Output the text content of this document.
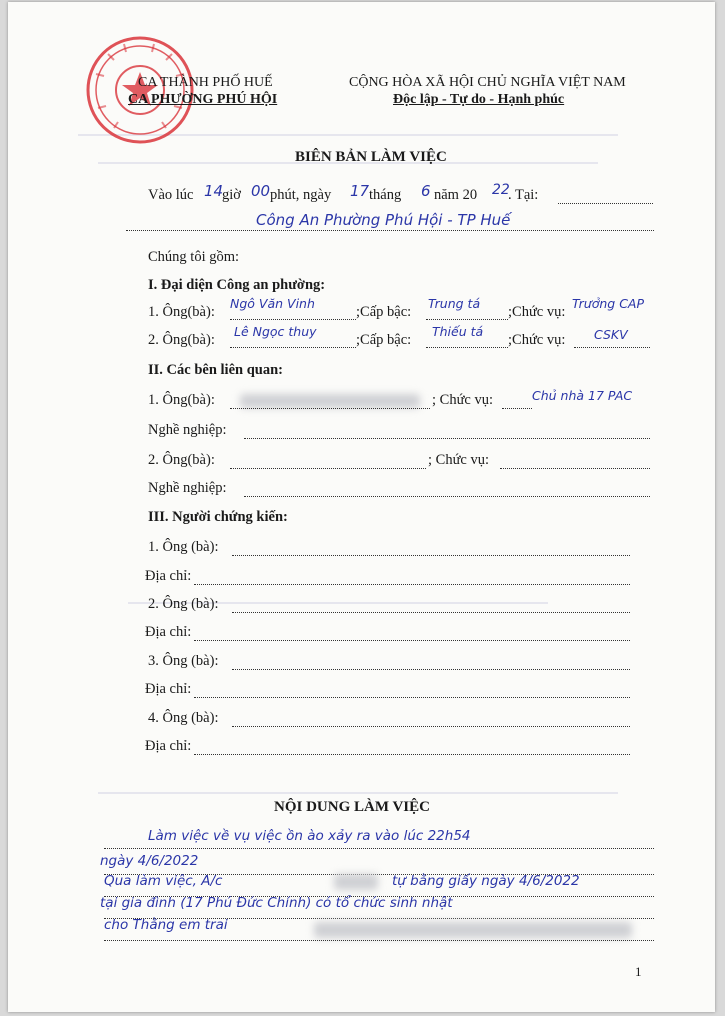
CA THÀNH PHỐ HUẾ
CA PHƯỜNG PHÚ HỘI
CỘNG HÒA XÃ HỘI CHỦ NGHĨA VIỆT NAM
Độc lập - Tự do - Hạnh phúc
BIÊN BẢN LÀM VIỆC
Vào lúc 14
giờ 00 phút, ngày 17 tháng 6 năm 20 22
. Tại:
Công An Phường Phú Hội - TP Huế
Chúng tôi gồm:
I. Đại diện Công an phường:
1. Ông(bà):
Ngô Văn Vinh
;Cấp bậc:
Trung tá
;Chức vụ:
Trưởng CAP
2. Ông(bà):
Lê Ngọc thuy
;Cấp bậc:
Thiếu tá
;Chức vụ: CSKV
II. Các bên liên quan:
1. Ông(bà):	; Chức vụ:	Chủ nhà 17 PAC
Nghề nghiệp:
2. Ông(bà):	; Chức vụ:
Nghề nghiệp:
III. Người chứng kiến:
1. Ông (bà):
Địa chỉ:
2. Ông (bà):
Địa chỉ:
3. Ông (bà):
Địa chỉ:
4. Ông (bà):
Địa chỉ:
NỘI DUNG LÀM VIỆC
Làm việc về vụ việc ồn ào xảy ra vào lúc 22h54
ngày 4/6/2022
Qua làm việc, A/c	tự bằng giấy ngày 4/6/2022
tại gia đình (17 Phú Đức Chính) có tổ chức sinh nhật
cho Thằng em trai
1
